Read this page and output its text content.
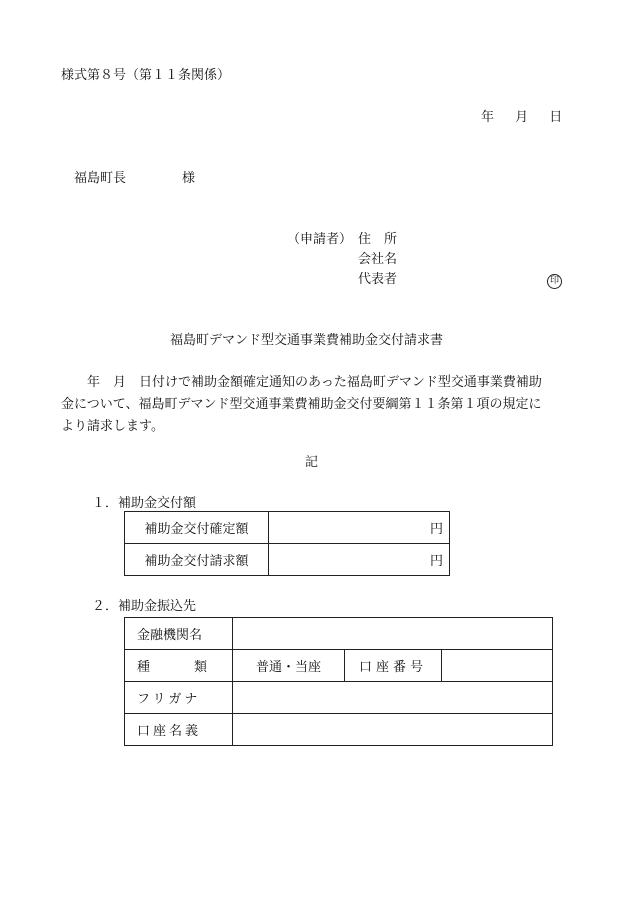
様式第８号（第１１条関係）
年 月 日
福島町長	様
（申請者） 住　所
会社名
代表者	印
福島町デマンド型交通事業費補助金交付請求書
　　年　月　日付けで補助金額確定通知のあった福島町デマンド型交通事業費補助
金について、福島町デマンド型交通事業費補助金交付要綱第１１条第１項の規定に
より請求します。
記
１．補助金交付額
補助金交付確定額	円
補助金交付請求額	円
２．補助金振込先
金融機関名			

種 類	普通・当座	口座番号	
フリガナ			
口座名義			
